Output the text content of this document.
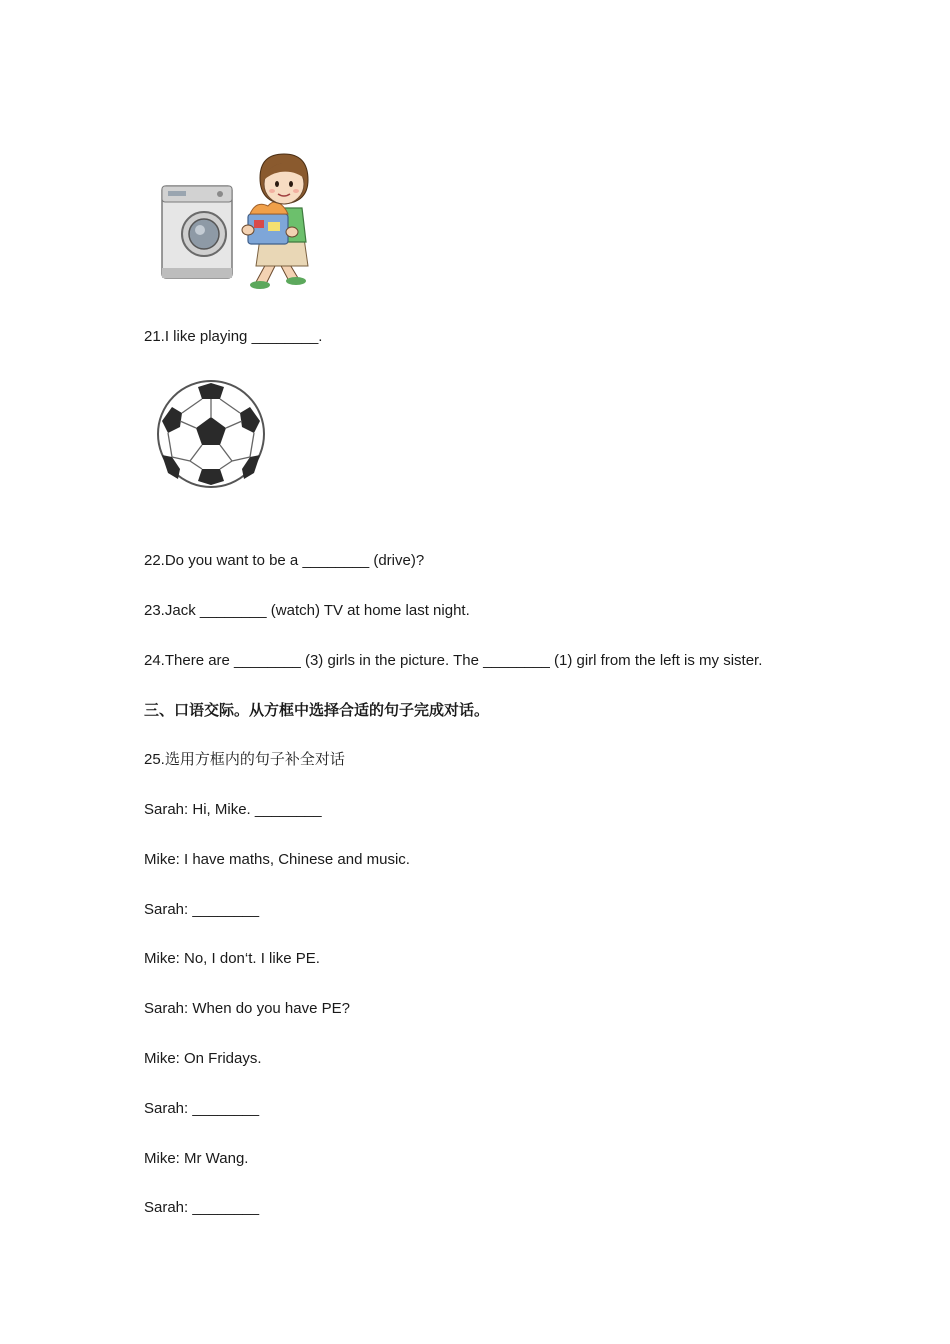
21.I like playing ________.
22.Do you want to be a ________ (drive)?
23.Jack ________ (watch) TV at home last night.
24.There are ________ (3) girls in the picture. The ________ (1) girl from the left is my sister.
三、口语交际。从方框中选择合适的句子完成对话。
25.选用方框内的句子补全对话
Sarah: Hi, Mike. ________
Mike: I have maths, Chinese and music.
Sarah: ________
Mike: No, I don‘t. I like PE.
Sarah: When do you have PE?
Mike: On Fridays.
Sarah: ________
Mike: Mr Wang.
Sarah: ________
